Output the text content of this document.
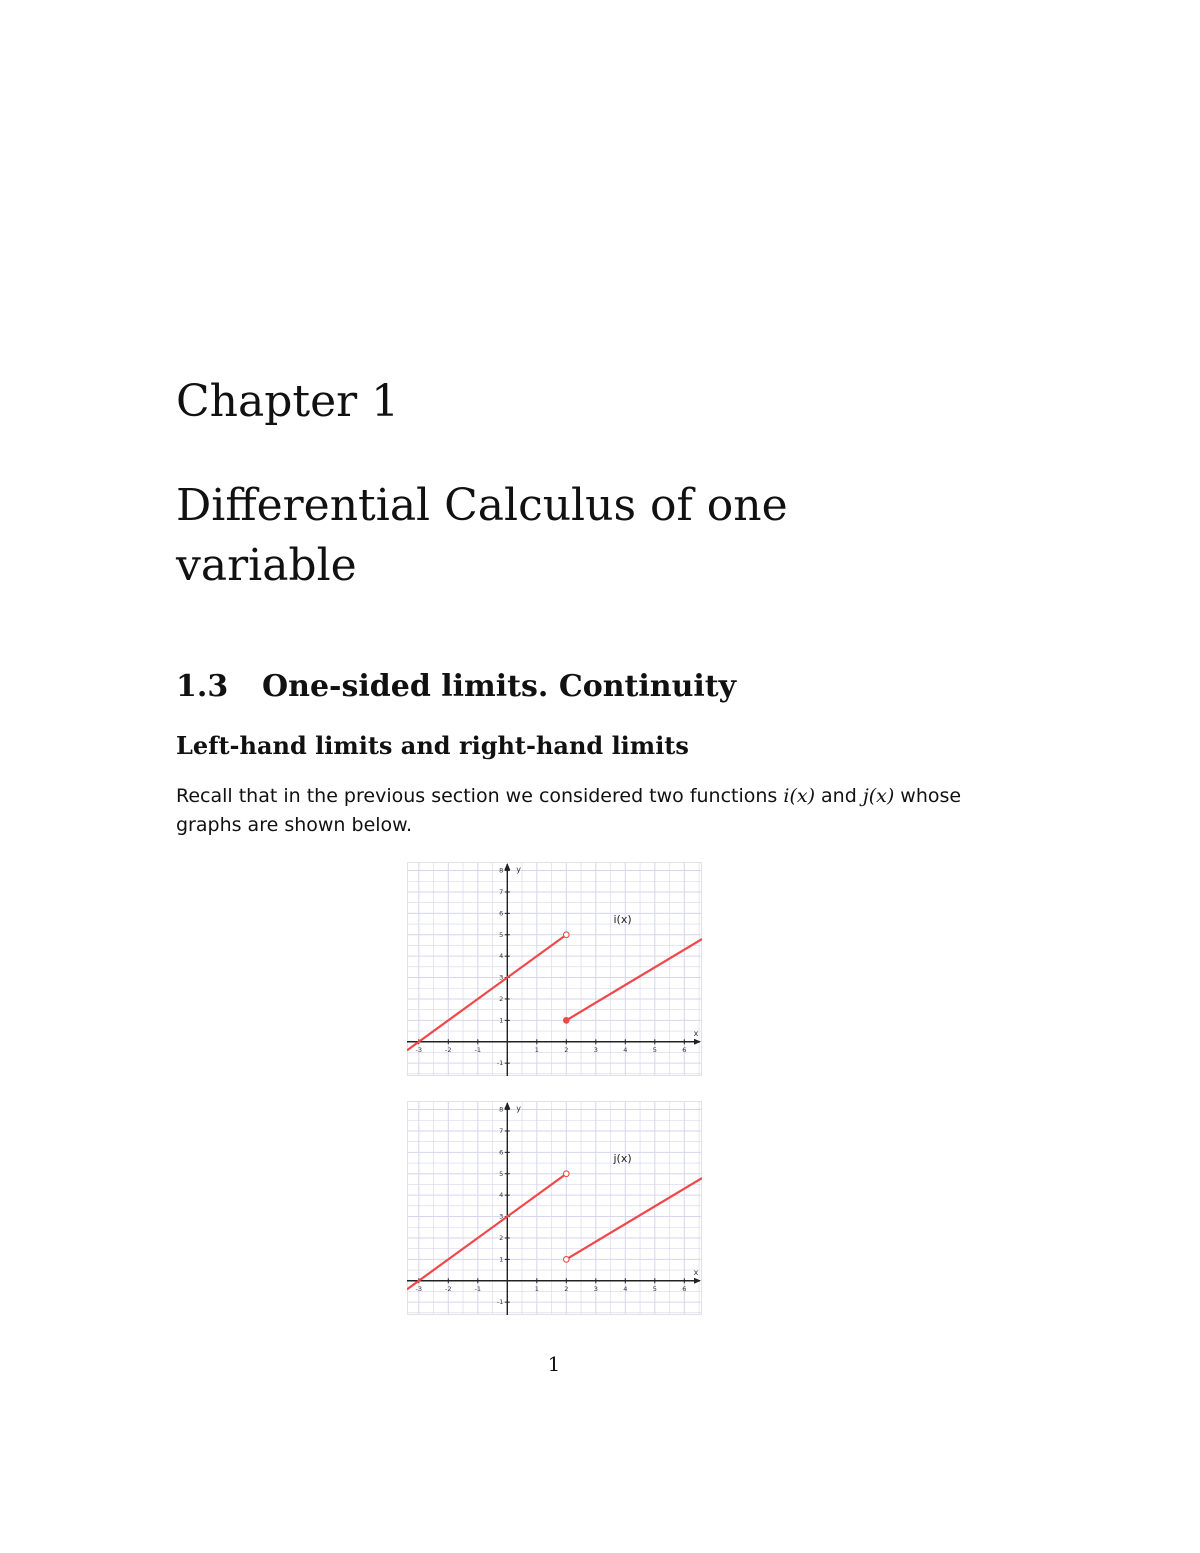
Chapter 1
Differential Calculus of one variable
1.3 One-sided limits. Continuity
Left-hand limits and right-hand limits

Recall that in the previous section we considered two functions i(x) and j(x) whose graphs are shown below.

x
y
-3	-2	-1	1	2	3	4	5	6
-1
1
2
3
4
5
6
7
8
i(x)
x
y
-3	-2	-1	1	2	3	4	5	6
-1
1
2
3
4
5
6
7
8
j(x)
1
